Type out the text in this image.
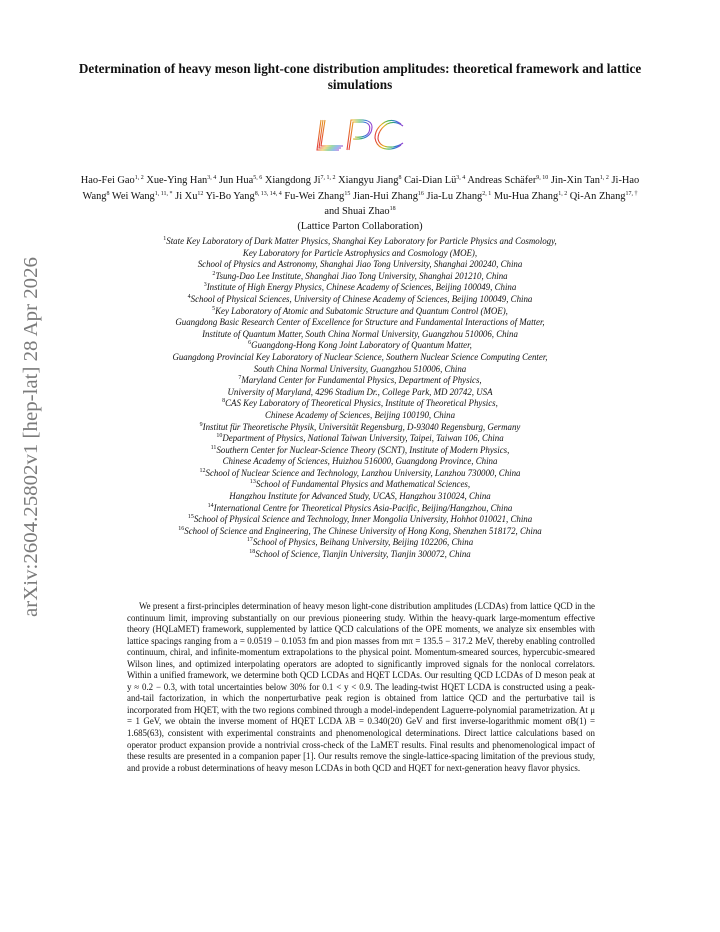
arXiv:2604.25802v1 [hep-lat] 28 Apr 2026
Determination of heavy meson light-cone distribution amplitudes: theoretical framework and lattice simulations

Hao-Fei Gao$^{1, 2}$ Xue-Ying Han$^{3, 4}$ Jun Hua$^{5, 6}$ Xiangdong Ji$^{7, 1, 2}$ Xiangyu Jiang$^8$ Cai-Dian Lü$^{3, 4}$ Andreas Schäfer$^{9, 10}$ Jin-Xin Tan$^{1, 2}$ Ji-Hao Wang$^8$ Wei Wang$^{1, 11, *}$ Ji Xu$^{12}$ Yi-Bo Yang$^{8, 13, 14, 4}$ Fu-Wei Zhang$^{15}$ Jian-Hui Zhang$^{16}$ Jia-Lu Zhang$^{2, 1}$ Mu-Hua Zhang$^{1, 2}$ Qi-An Zhang$^{17, \dagger}$ and Shuai Zhao$^{18}$

(Lattice Parton Collaboration)

$^1$State Key Laboratory of Dark Matter Physics, Shanghai Key Laboratory for Particle Physics and Cosmology,
Key Laboratory for Particle Astrophysics and Cosmology (MOE),
School of Physics and Astronomy, Shanghai Jiao Tong University, Shanghai 200240, China
$^2$Tsung-Dao Lee Institute, Shanghai Jiao Tong University, Shanghai 201210, China
$^3$Institute of High Energy Physics, Chinese Academy of Sciences, Beijing 100049, China
$^4$School of Physical Sciences, University of Chinese Academy of Sciences, Beijing 100049, China
$^5$Key Laboratory of Atomic and Subatomic Structure and Quantum Control (MOE),
Guangdong Basic Research Center of Excellence for Structure and Fundamental Interactions of Matter,
Institute of Quantum Matter, South China Normal University, Guangzhou 510006, China
$^6$Guangdong-Hong Kong Joint Laboratory of Quantum Matter,
Guangdong Provincial Key Laboratory of Nuclear Science, Southern Nuclear Science Computing Center,
South China Normal University, Guangzhou 510006, China
$^7$Maryland Center for Fundamental Physics, Department of Physics,
University of Maryland, 4296 Stadium Dr., College Park, MD 20742, USA
$^8$CAS Key Laboratory of Theoretical Physics, Institute of Theoretical Physics,
Chinese Academy of Sciences, Beijing 100190, China
$^9$Institut für Theoretische Physik, Universität Regensburg, D-93040 Regensburg, Germany
$^{10}$Department of Physics, National Taiwan University, Taipei, Taiwan 106, China
$^{11}$Southern Center for Nuclear-Science Theory (SCNT), Institute of Modern Physics,
Chinese Academy of Sciences, Huizhou 516000, Guangdong Province, China
$^{12}$School of Nuclear Science and Technology, Lanzhou University, Lanzhou 730000, China
$^{13}$School of Fundamental Physics and Mathematical Sciences,
Hangzhou Institute for Advanced Study, UCAS, Hangzhou 310024, China
$^{14}$International Centre for Theoretical Physics Asia-Pacific, Beijing/Hangzhou, China
$^{15}$School of Physical Science and Technology, Inner Mongolia University, Hohhot 010021, China
$^{16}$School of Science and Engineering, The Chinese University of Hong Kong, Shenzhen 518172, China
$^{17}$School of Physics, Beihang University, Beijing 102206, China
$^{18}$School of Science, Tianjin University, Tianjin 300072, China

We present a first-principles determination of heavy meson light-cone distribution amplitudes (LCDAs) from lattice QCD in the continuum limit, improving substantially on our previous pioneering study. Within the heavy-quark large-momentum effective theory (HQLaMET) framework, supplemented by lattice QCD calculations of the OPE moments, we analyze six ensembles with lattice spacings ranging from a = 0.0519 − 0.1053 fm and pion masses from mπ = 135.5 − 317.2 MeV, thereby enabling controlled continuum, chiral, and infinite-momentum extrapolations to the physical point. Momentum-smeared sources, hypercubic-smeared Wilson lines, and optimized interpolating operators are adopted to significantly improved signals for the nonlocal correlators. Within a unified framework, we determine both QCD LCDAs and HQET LCDAs. Our resulting QCD LCDAs of D meson peak at y ≈ 0.2 − 0.3, with total uncertainties below 30% for 0.1 < y < 0.9. The leading-twist HQET LCDA is constructed using a peak-and-tail factorization, in which the nonperturbative peak region is obtained from lattice QCD and the perturbative tail is incorporated from HQET, with the two regions combined through a model-independent Laguerre-polynomial parametrization. At μ = 1 GeV, we obtain the inverse moment of HQET LCDA λB = 0.340(20) GeV and first inverse-logarithmic moment σB(1) = 1.685(63), consistent with experimental constraints and phenomenological determinations. Direct lattice calculations based on operator product expansion provide a nontrivial cross-check of the LaMET results. Final results and phenomenological impact of these results are presented in a companion paper [1]. Our results remove the single-lattice-spacing limitation of the previous study, and provide a robust determinations of heavy meson LCDAs in both QCD and HQET for next-generation heavy flavor physics.
